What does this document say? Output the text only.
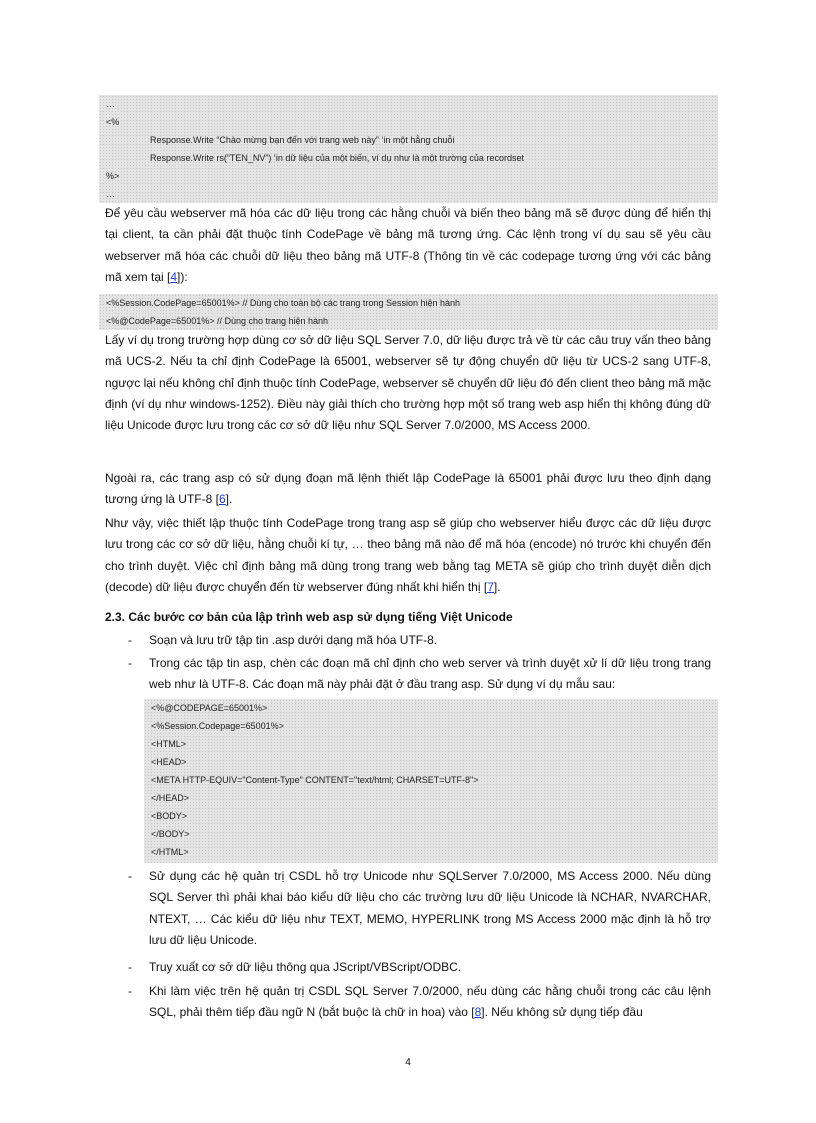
…
<%
Response.Write “Chào mừng bạn đến với trang web này” ‘in một hằng chuỗi
Response.Write rs(”TEN_NV”) ‘in dữ liệu của một biến, ví dụ như là một trường của recordset
%>
…

Để yêu cầu webserver mã hóa các dữ liệu trong các hằng chuỗi và biến theo bảng mã sẽ được dùng để hiển thị tại client, ta cần phải đặt thuộc tính CodePage về bảng mã tương ứng. Các lệnh trong ví dụ sau sẽ yêu cầu webserver mã hóa các chuỗi dữ liệu theo bảng mã UTF-8 (Thông tin về các codepage tương ứng với các bảng mã xem tại [4]):

<%Session.CodePage=65001%> // Dùng cho toàn bộ các trang trong Session hiện hành
<%@CodePage=65001%> // Dùng cho trang hiện hành

Lấy ví dụ trong trường hợp dùng cơ sở dữ liệu SQL Server 7.0, dữ liệu được trả về từ các câu truy vấn theo bảng mã UCS-2. Nếu ta chỉ định CodePage là 65001, webserver sẽ tự động chuyển dữ liệu từ UCS-2 sang UTF-8, ngược lại nếu không chỉ định thuộc tính CodePage, webserver sẽ chuyển dữ liệu đó đến client theo bảng mã mặc định (ví dụ như windows-1252). Điều này giải thích cho trường hợp một số trang web asp hiển thị không đúng dữ liệu Unicode được lưu trong các cơ sở dữ liệu như SQL Server 7.0/2000, MS Access 2000.

Ngoài ra, các trang asp có sử dụng đoạn mã lệnh thiết lập CodePage là 65001 phải được lưu theo định dạng tương ứng là UTF-8 [6].

Như vậy, việc thiết lập thuộc tính CodePage trong trang asp sẽ giúp cho webserver hiểu được các dữ liệu được lưu trong các cơ sở dữ liệu, hằng chuỗi kí tự, … theo bảng mã nào để mã hóa (encode) nó trước khi chuyển đến cho trình duyệt. Việc chỉ định bảng mã dùng trong trang web bằng tag META sẽ giúp cho trình duyệt diễn dịch (decode) dữ liệu được chuyển đến từ webserver đúng nhất khi hiển thị [7].

2.3. Các bước cơ bản của lập trình web asp sử dụng tiếng Việt Unicode

- Soạn và lưu trữ tập tin .asp dưới dạng mã hóa UTF-8.
- Trong các tập tin asp, chèn các đoạn mã chỉ định cho web server và trình duyệt xử lí dữ liệu trong trang web như là UTF-8. Các đoạn mã này phải đặt ở đầu trang asp. Sử dụng ví dụ mẫu sau:
<%@CODEPAGE=65001%>
<%Session.Codepage=65001%>
<HTML>
<HEAD>
<META HTTP-EQUIV="Content-Type" CONTENT="text/html; CHARSET=UTF-8">
</HEAD>
<BODY>
</BODY>
</HTML>
- Sử dụng các hệ quản trị CSDL hỗ trợ Unicode như SQLServer 7.0/2000, MS Access 2000. Nếu dùng SQL Server thì phải khai báo kiểu dữ liệu cho các trường lưu dữ liệu Unicode là NCHAR, NVARCHAR, NTEXT, … Các kiểu dữ liệu như TEXT, MEMO, HYPERLINK trong MS Access 2000 mặc định là hỗ trợ lưu dữ liệu Unicode.
- Truy xuất cơ sở dữ liệu thông qua JScript/VBScript/ODBC.
- Khi làm việc trên hệ quản trị CSDL SQL Server 7.0/2000, nếu dùng các hằng chuỗi trong các câu lệnh SQL, phải thêm tiếp đầu ngữ N (bắt buộc là chữ in hoa) vào [8]. Nếu không sử dụng tiếp đầu
4
